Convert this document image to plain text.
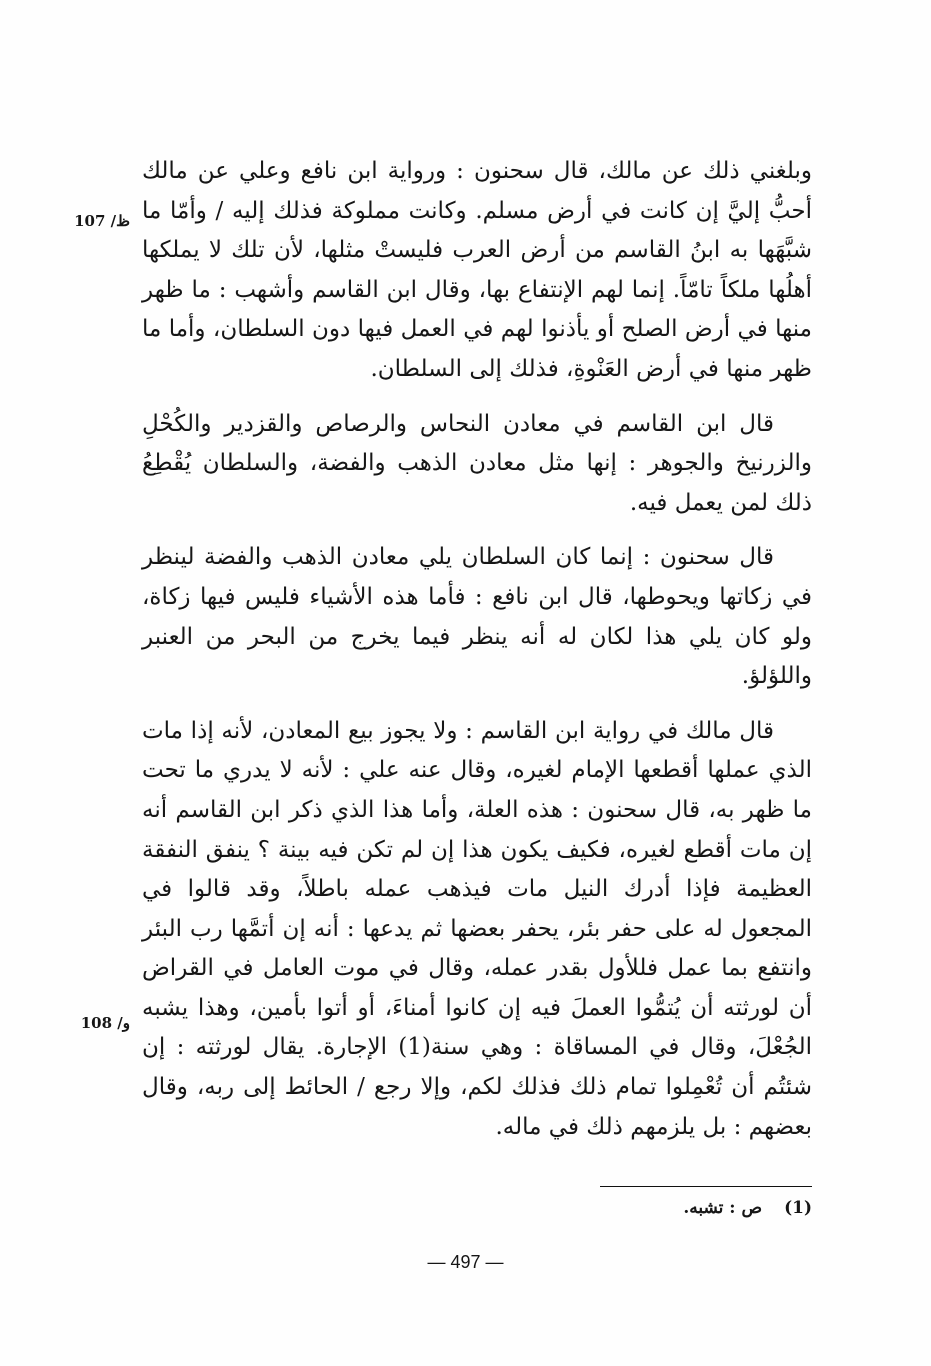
وبلغني ذلك عن مالك، قال سحنون : ورواية ابن نافع وعلي عن مالك أحبُّ إليَّ إن كانت في أرض مسلم. وكانت مملوكة فذلك إليه / وأمّا ما شبَّهَها به ابنُ القاسم من أرض العرب فليستْ مثلها، لأن تلك لا يملكها أهلُها ملكاً تامّاً. إنما لهم الإنتفاع بها، وقال ابن القاسم وأشهب : ما ظهر منها في أرض الصلح أو يأذنوا لهم في العمل فيها دون السلطان، وأما ما ظهر منها في أرض العَنْوةِ، فذلك إلى السلطان.

قال ابن القاسم في معادن النحاس والرصاص والقزدير والكُحْلِ والزرنيخ والجوهر : إنها مثل معادن الذهب والفضة، والسلطان يُقْطِعُ ذلك لمن يعمل فيه.

قال سحنون : إنما كان السلطان يلي معادن الذهب والفضة لينظر في زكاتها ويحوطها، قال ابن نافع : فأما هذه الأشياء فليس فيها زكاة، ولو كان يلي هذا لكان له أنه ينظر فيما يخرج من البحر من العنبر واللؤلؤ.

قال مالك في رواية ابن القاسم : ولا يجوز بيع المعادن، لأنه إذا مات الذي عملها أقطعها الإمام لغيره، وقال عنه علي : لأنه لا يدري ما تحت ما ظهر به، قال سحنون : هذه العلة، وأما هذا الذي ذكر ابن القاسم أنه إن مات أقطع لغيره، فكيف يكون هذا إن لم تكن فيه بينة ؟ ينفق النفقة العظيمة فإذا أدرك النيل مات فيذهب عمله باطلاً، وقد قالوا في المجعول له على حفر بئر، يحفر بعضها ثم يدعها : أنه إن أتمَّها رب البئر وانتفع بما عمل فللأول بقدر عمله، وقال في موت العامل في القراض أن لورثته أن يُتمُّوا العملَ فيه إن كانوا أمناءَ، أو أتوا بأمين، وهذا يشبه الجُعْلَ، وقال في المساقاة : وهي سنة(1) الإجارة. يقال لورثته : إن شئتُم أن تُعْمِلوا تمام ذلك فذلك لكم، وإلا رجع / الحائط إلى ربه، وقال بعضهم : بل يلزمهم ذلك في ماله.

107 /ظ
108 /و
(1)ص : تشبه.
— 497 —
